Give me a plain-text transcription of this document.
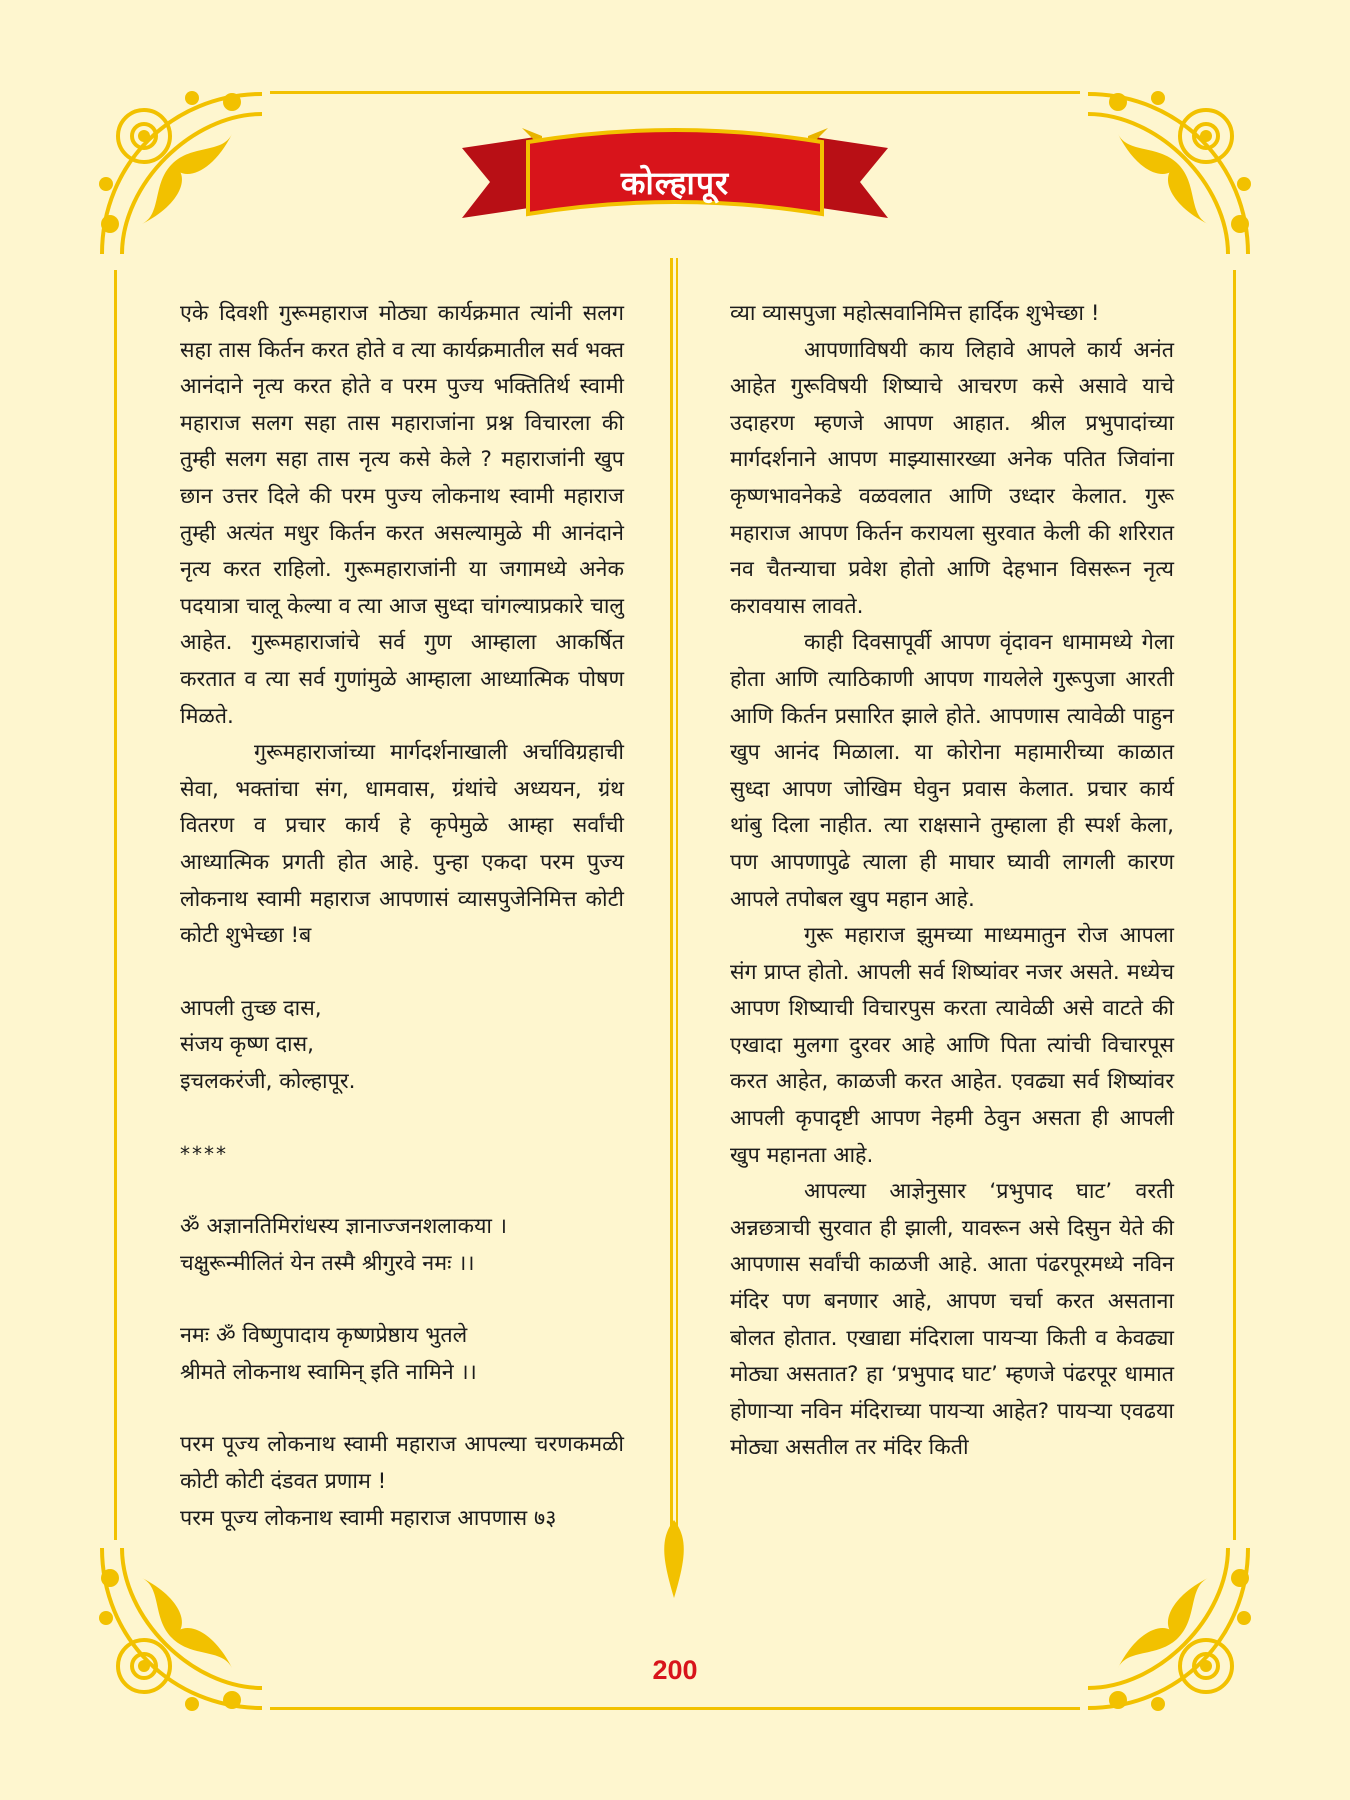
कोल्हापूर

एके दिवशी गुरूमहाराज मोठ्या कार्यक्रमात त्यांनी सलग सहा तास किर्तन करत होते व त्या कार्यक्रमातील सर्व भक्त आनंदाने नृत्य करत होते व परम पुज्य भक्तितिर्थ स्वामी महाराज सलग सहा तास महाराजांना प्रश्न विचारला की तुम्ही सलग सहा तास नृत्य कसे केले ? महाराजांनी खुप छान उत्तर दिले की परम पुज्य लोकनाथ स्वामी महाराज तुम्ही अत्यंत मधुर किर्तन करत असल्यामुळे मी आनंदाने नृत्य करत राहिलो. गुरूमहाराजांनी या जगामध्ये अनेक पदयात्रा चालू केल्या व त्या आज सुध्दा चांगल्याप्रकारे चालु आहेत. गुरूमहाराजांचे सर्व गुण आम्हाला आकर्षित करतात व त्या सर्व गुणांमुळे आम्हाला आध्यात्मिक पोषण मिळते.

गुरूमहाराजांच्या मार्गदर्शनाखाली अर्चाविग्रहाची सेवा, भक्तांचा संग, धामवास, ग्रंथांचे अध्ययन, ग्रंथ वितरण व प्रचार कार्य हे कृपेमुळे आम्हा सर्वांची आध्यात्मिक प्रगती होत आहे. पुन्हा एकदा परम पुज्य लोकनाथ स्वामी महाराज आपणासं व्यासपुजेनिमित्त कोटी कोटी शुभेच्छा !ब

आपली तुच्छ दास,

संजय कृष्ण दास,

इचलकरंजी, कोल्हापूर.

****

ॐ अज्ञानतिमिरांधस्य ज्ञानाज्जनशलाकया ।

चक्षुरून्मीलितं येन तस्मै श्रीगुरवे नमः ।।

नमः ॐ विष्णुपादाय कृष्णप्रेष्ठाय भुतले

श्रीमते लोकनाथ स्वामिन् इति नामिने ।।

परम पूज्य लोकनाथ स्वामी महाराज आपल्या चरणकमळी कोटी कोटी दंडवत प्रणाम !

परम पूज्य लोकनाथ स्वामी महाराज आपणास ७३

व्या व्यासपुजा महोत्सवानिमित्त हार्दिक शुभेच्छा !

आपणाविषयी काय लिहावे आपले कार्य अनंत आहेत गुरूविषयी शिष्याचे आचरण कसे असावे याचे उदाहरण म्हणजे आपण आहात. श्रील प्रभुपादांच्या मार्गदर्शनाने आपण माझ्यासारख्या अनेक पतित जिवांना कृष्णभावनेकडे वळवलात आणि उध्दार केलात. गुरू महाराज आपण किर्तन करायला सुरवात केली की शरिरात नव चैतन्याचा प्रवेश होतो आणि देहभान विसरून नृत्य करावयास लावते.

काही दिवसापूर्वी आपण वृंदावन धामामध्ये गेला होता आणि त्याठिकाणी आपण गायलेले गुरूपुजा आरती आणि किर्तन प्रसारित झाले होते. आपणास त्यावेळी पाहुन खुप आनंद मिळाला. या कोरोना महामारीच्या काळात सुध्दा आपण जोखिम घेवुन प्रवास केलात. प्रचार कार्य थांबु दिला नाहीत. त्या राक्षसाने तुम्हाला ही स्पर्श केला, पण आपणापुढे त्याला ही माघार घ्यावी लागली कारण आपले तपोबल खुप महान आहे.

गुरू महाराज झुमच्या माध्यमातुन रोज आपला संग प्राप्त होतो. आपली सर्व शिष्यांवर नजर असते. मध्येच आपण शिष्याची विचारपुस करता त्यावेळी असे वाटते की एखादा मुलगा दुरवर आहे आणि पिता त्यांची विचारपूस करत आहेत, काळजी करत आहेत. एवढ्या सर्व शिष्यांवर आपली कृपादृष्टी आपण नेहमी ठेवुन असता ही आपली खुप महानता आहे.

आपल्या आज्ञेनुसार ‘प्रभुपाद घाट’ वरती अन्नछत्राची सुरवात ही झाली, यावरून असे दिसुन येते की आपणास सर्वांची काळजी आहे. आता पंढरपूरमध्ये नविन मंदिर पण बनणार आहे, आपण चर्चा करत असताना बोलत होतात. एखाद्या मंदिराला पायऱ्या किती व केवढ्या मोठ्या असतात? हा ‘प्रभुपाद घाट’ म्हणजे पंढरपूर धामात होणाऱ्या नविन मंदिराच्या पायऱ्या आहेत? पायऱ्या एवढया मोठ्या असतील तर मंदिर किती

200
